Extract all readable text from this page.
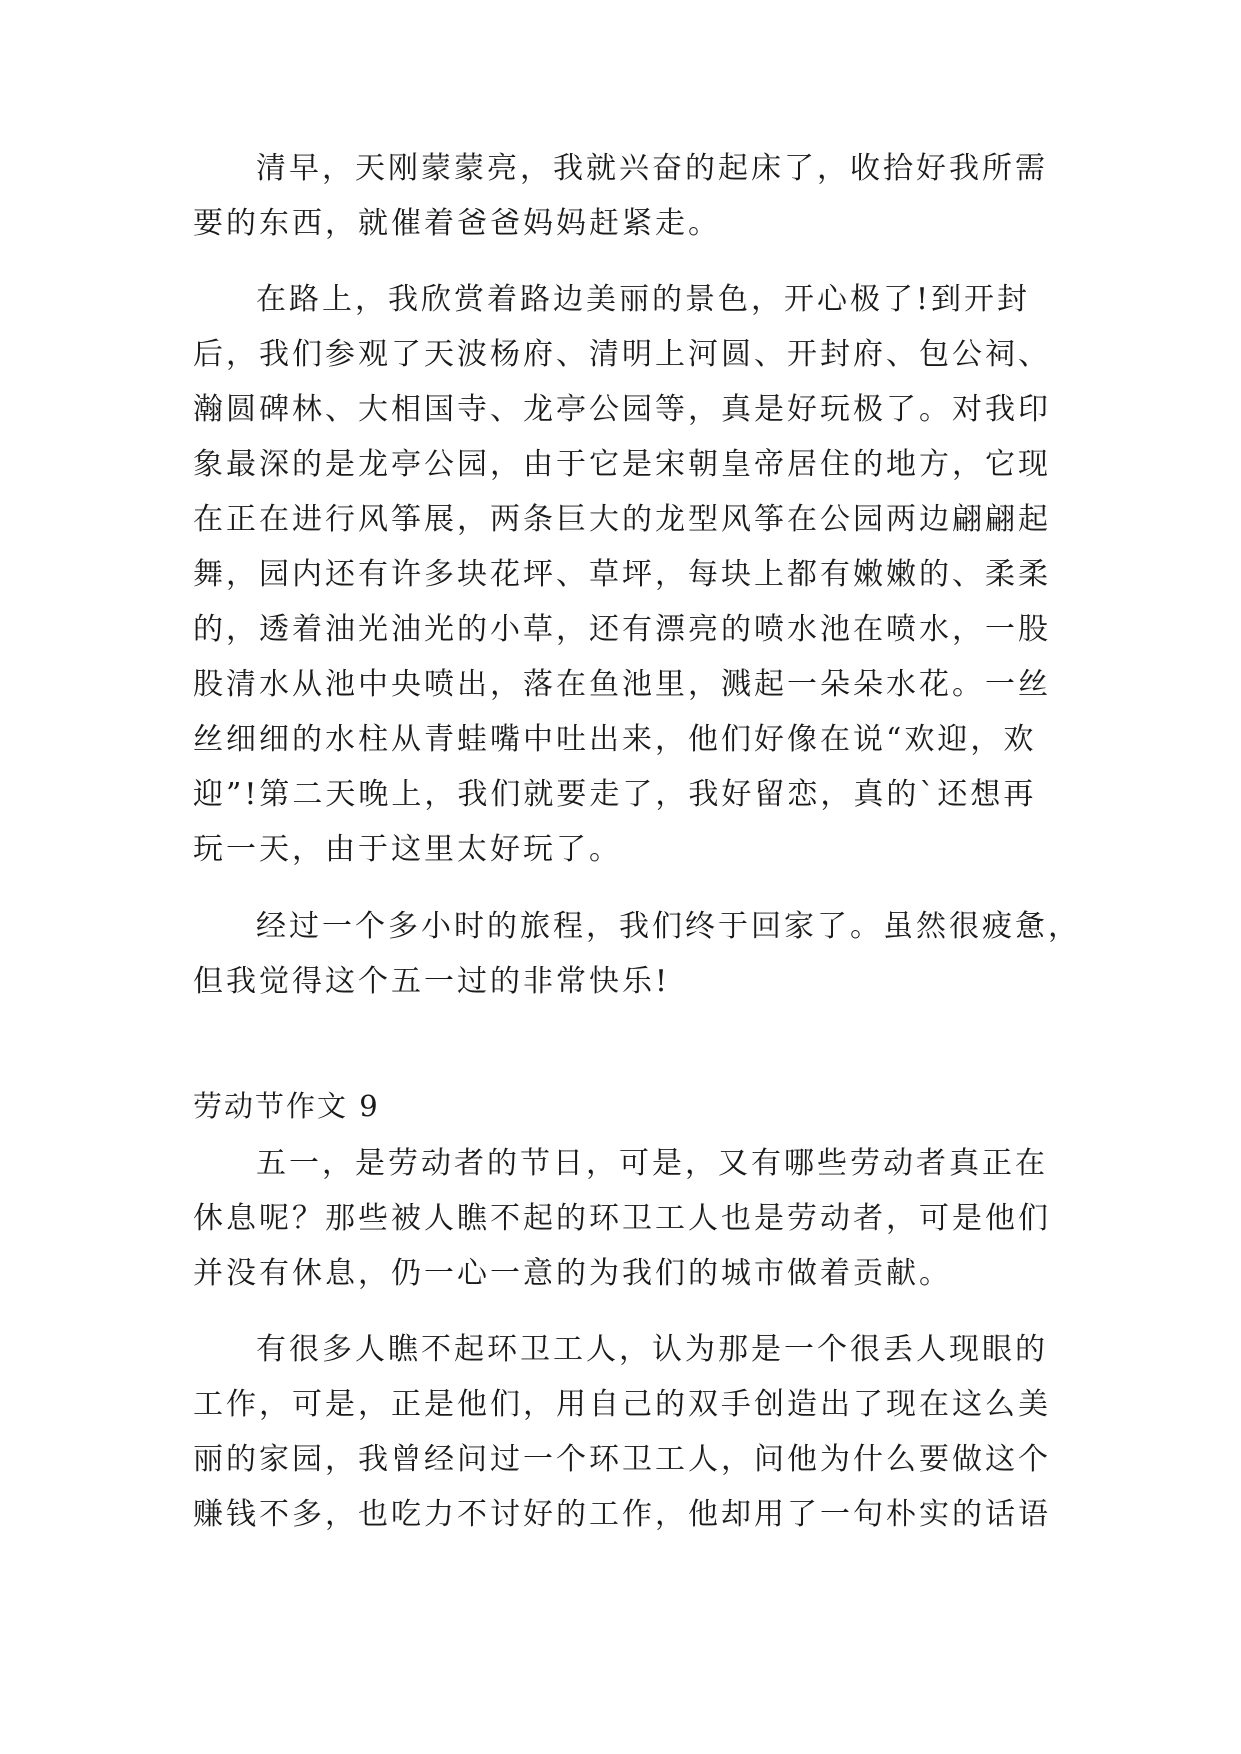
清早，天刚蒙蒙亮，我就兴奋的起床了，收拾好我所需
要的东西，就催着爸爸妈妈赶紧走。
在路上，我欣赏着路边美丽的景色，开心极了!到开封
后，我们参观了天波杨府、清明上河圆、开封府、包公祠、
瀚圆碑林、大相国寺、龙亭公园等，真是好玩极了。对我印
象最深的是龙亭公园，由于它是宋朝皇帝居住的地方，它现
在正在进行风筝展，两条巨大的龙型风筝在公园两边翩翩起
舞，园内还有许多块花坪、草坪，每块上都有嫩嫩的、柔柔
的，透着油光油光的小草，还有漂亮的喷水池在喷水，一股
股清水从池中央喷出，落在鱼池里，溅起一朵朵水花。一丝
丝细细的水柱从青蛙嘴中吐出来，他们好像在说“欢迎，欢
迎”!第二天晚上，我们就要走了，我好留恋，真的`还想再
玩一天，由于这里太好玩了。
经过一个多小时的旅程，我们终于回家了。虽然很疲惫，
但我觉得这个五一过的非常快乐!
劳动节作文 9
五一，是劳动者的节日，可是，又有哪些劳动者真正在
休息呢？那些被人瞧不起的环卫工人也是劳动者，可是他们
并没有休息，仍一心一意的为我们的城市做着贡献。
有很多人瞧不起环卫工人，认为那是一个很丢人现眼的
工作，可是，正是他们，用自己的双手创造出了现在这么美
丽的家园，我曾经问过一个环卫工人，问他为什么要做这个
赚钱不多，也吃力不讨好的工作，他却用了一句朴实的话语
